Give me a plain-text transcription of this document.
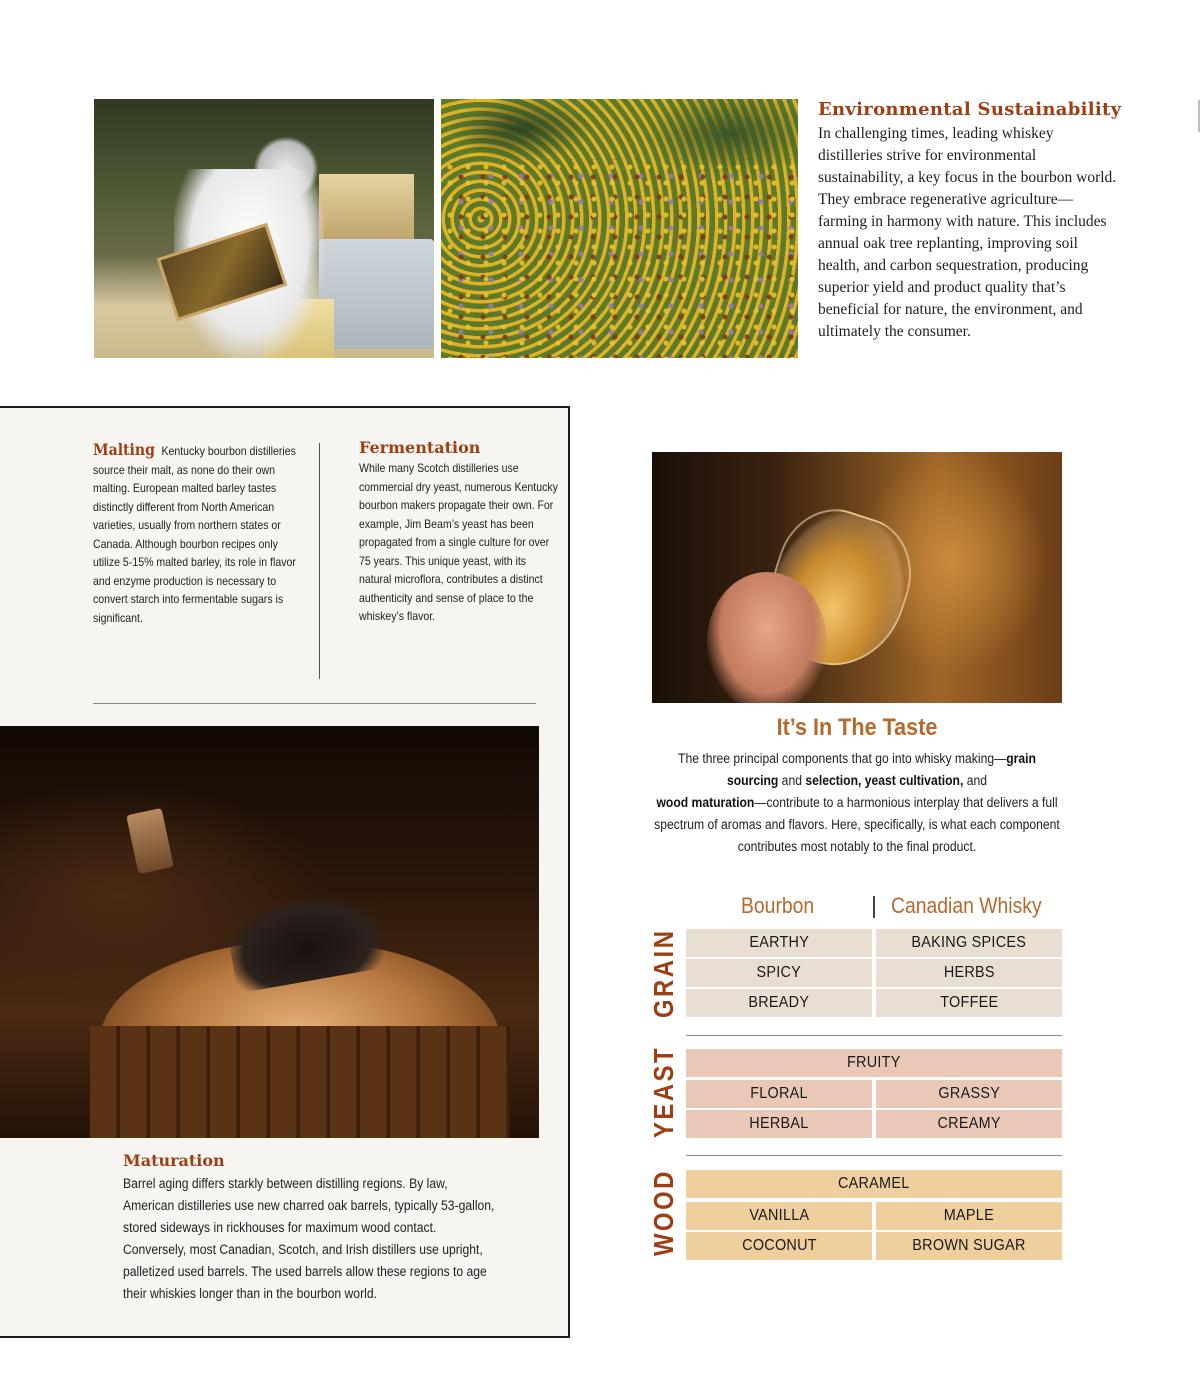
Environmental Sustainability
In challenging times, leading whiskey distilleries strive for environmental sustainability, a key focus in the bourbon world. They embrace regenerative agriculture—farming in harmony with nature. This includes annual oak tree replanting, improving soil health, and carbon sequestration, producing superior yield and product quality that’s beneficial for nature, the environment, and ultimately the consumer.
Malting Kentucky bourbon distilleries source their malt, as none do their own malting. European malted barley tastes distinctly different from North American varieties, usually from northern states or Canada. Although bourbon recipes only utilize 5-15% malted barley, its role in flavor and enzyme production is necessary to convert starch into fermentable sugars is significant.
Fermentation
While many Scotch distilleries use commercial dry yeast, numerous Kentucky bourbon makers propagate their own. For example, Jim Beam’s yeast has been propagated from a single culture for over 75 years. This unique yeast, with its natural microflora, contributes a distinct authenticity and sense of place to the whiskey’s flavor.
Maturation
Barrel aging differs starkly between distilling regions. By law, American distilleries use new charred oak barrels, typically 53-gallon, stored sideways in rickhouses for maximum wood contact. Conversely, most Canadian, Scotch, and Irish distillers use upright, palletized used barrels. The used barrels allow these regions to age their whiskies longer than in the bourbon world.
It’s In The Taste
The three principal components that go into whisky making—grain sourcing and selection, yeast cultivation, and
wood maturation—contribute to a harmonious interplay that delivers a full spectrum of aromas and flavors. Here, specifically, is what each component contributes most notably to the final product.
Bourbon	Canadian Whisky
GRAIN	EARTHY	BAKING SPICES
SPICY	HERBS
BREADY	TOFFEE
YEAST	FRUITY
FLORAL	GRASSY
HERBAL	CREAMY
WOOD	CARAMEL
VANILLA	MAPLE
COCONUT	BROWN SUGAR
